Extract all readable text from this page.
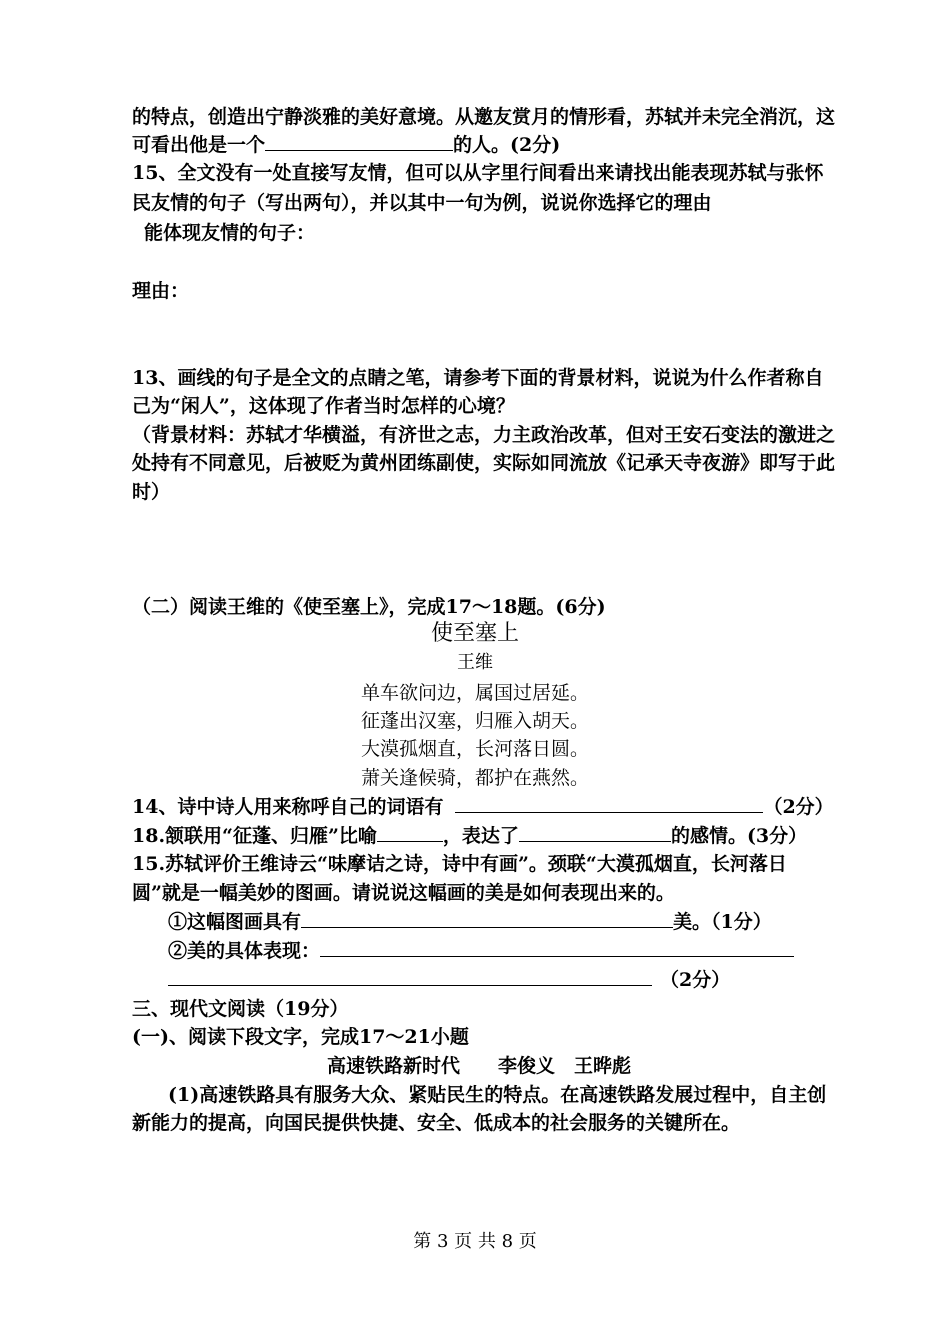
的特点，创造出宁静淡雅的美好意境。从邀友赏月的情形看，苏轼并未完全消沉，这
可看出他是一个	的人。(2分)
15、全文没有一处直接写友情，但可以从字里行间看出来请找出能表现苏轼与张怀
民友情的句子（写出两句），并以其中一句为例，说说你选择它的理由
能体现友情的句子：
理由：
13、画线的句子是全文的点睛之笔，请参考下面的背景材料，说说为什么作者称自
己为“闲人”，这体现了作者当时怎样的心境？
（背景材料：苏轼才华横溢，有济世之志，力主政治改革，但对王安石变法的激进之
处持有不同意见，后被贬为黄州团练副使，实际如同流放《记承天寺夜游》即写于此
时）
（二）阅读王维的《使至塞上》，完成17～18题。(6分)
使至塞上
王维
单车欲问边，属国过居延。
征蓬出汉塞，归雁入胡天。
大漠孤烟直，长河落日圆。
萧关逢候骑，都护在燕然。
14、诗中诗人用来称呼自己的词语有	（2分）
18.颔联用“征蓬、归雁”比喻	，表达了	的感情。(3分）
15.苏轼评价王维诗云“味摩诘之诗，诗中有画”。颈联“大漠孤烟直，长河落日
圆”就是一幅美妙的图画。请说说这幅画的美是如何表现出来的。
①这幅图画具有	美。（1分）
②美的具体表现：
（2分）
三、现代文阅读（19分）
(一)、阅读下段文字，完成17～21小题
高速铁路新时代　　李俊义　王晔彪
(1)高速铁路具有服务大众、紧贴民生的特点。在高速铁路发展过程中，自主创
新能力的提高，向国民提供快捷、安全、低成本的社会服务的关键所在。
第 3 页 共 8 页
